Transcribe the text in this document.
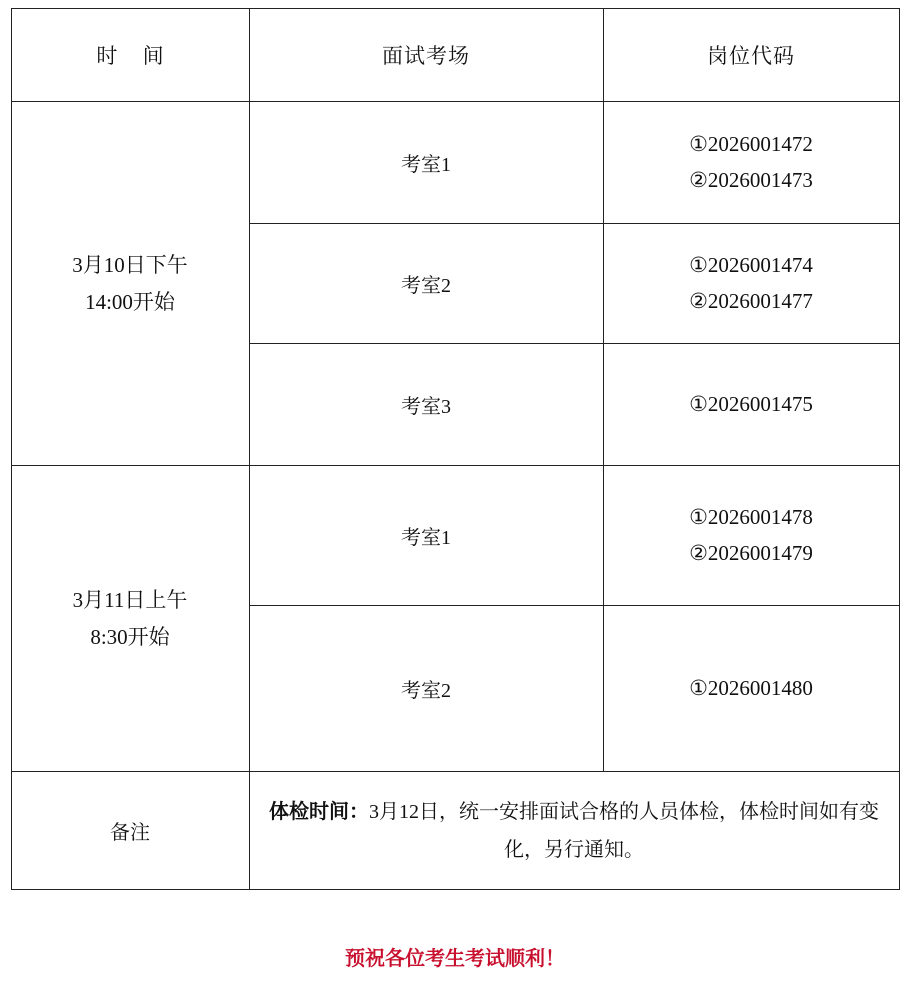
时 间	面试考场	岗位代码
3月10日下午
14:00开始	考室1	①2026001472
②2026001473

	考室2	①2026001474
②2026001477

	考室3	①2026001475

3月11日上午
8:30开始	考室1	①2026001478
②2026001479

	考室2	①2026001480

备注	体检时间：3月12日，统一安排面试合格的人员体检，体检时间如有变化，另行通知。	
预祝各位考生考试顺利！
